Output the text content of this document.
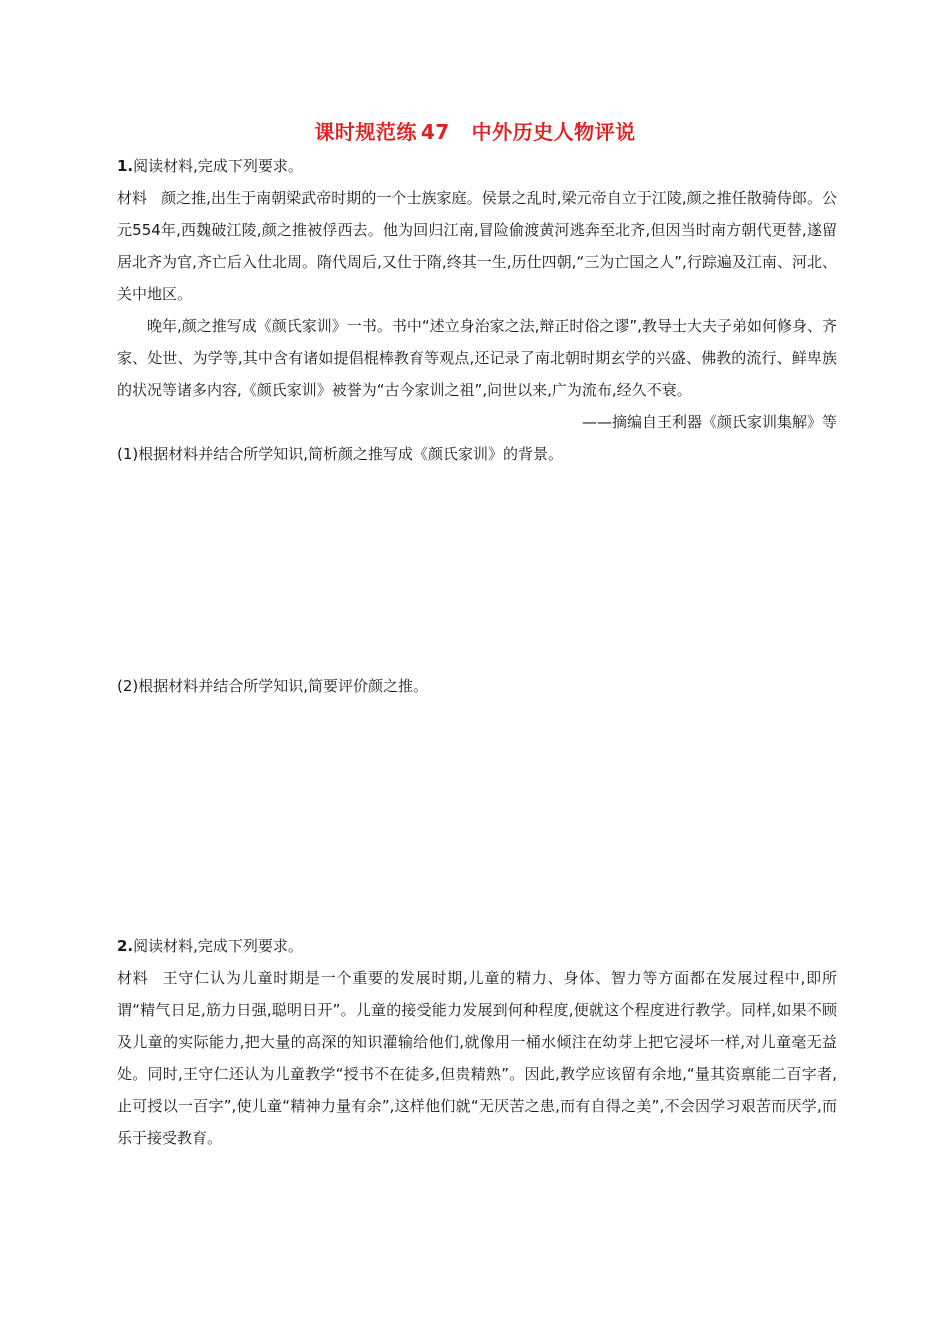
课时规范练 47 中外历史人物评说

1.阅读材料,完成下列要求。

材料 颜之推,出生于南朝梁武帝时期的一个士族家庭。侯景之乱时,梁元帝自立于江陵,颜之推任散骑侍郎。公元554年,西魏破江陵,颜之推被俘西去。他为回归江南,冒险偷渡黄河逃奔至北齐,但因当时南方朝代更替,遂留居北齐为官,齐亡后入仕北周。隋代周后,又仕于隋,终其一生,历仕四朝,“三为亡国之人”,行踪遍及江南、河北、关中地区。

晚年,颜之推写成《颜氏家训》一书。书中“述立身治家之法,辩正时俗之谬”,教导士大夫子弟如何修身、齐家、处世、为学等,其中含有诸如提倡棍棒教育等观点,还记录了南北朝时期玄学的兴盛、佛教的流行、鲜卑族的状况等诸多内容,《颜氏家训》被誉为“古今家训之祖”,问世以来,广为流布,经久不衰。

——摘编自王利器《颜氏家训集解》等

(1)根据材料并结合所学知识,简析颜之推写成《颜氏家训》的背景。

(2)根据材料并结合所学知识,简要评价颜之推。

2.阅读材料,完成下列要求。

材料 王守仁认为儿童时期是一个重要的发展时期,儿童的精力、身体、智力等方面都在发展过程中,即所谓“精气日足,筋力日强,聪明日开”。儿童的接受能力发展到何种程度,便就这个程度进行教学。同样,如果不顾及儿童的实际能力,把大量的高深的知识灌输给他们,就像用一桶水倾注在幼芽上把它浸坏一样,对儿童毫无益处。同时,王守仁还认为儿童教学“授书不在徒多,但贵精熟”。因此,教学应该留有余地,“量其资禀能二百字者,止可授以一百字”,使儿童“精神力量有余”,这样他们就“无厌苦之患,而有自得之美”,不会因学习艰苦而厌学,而乐于接受教育。
